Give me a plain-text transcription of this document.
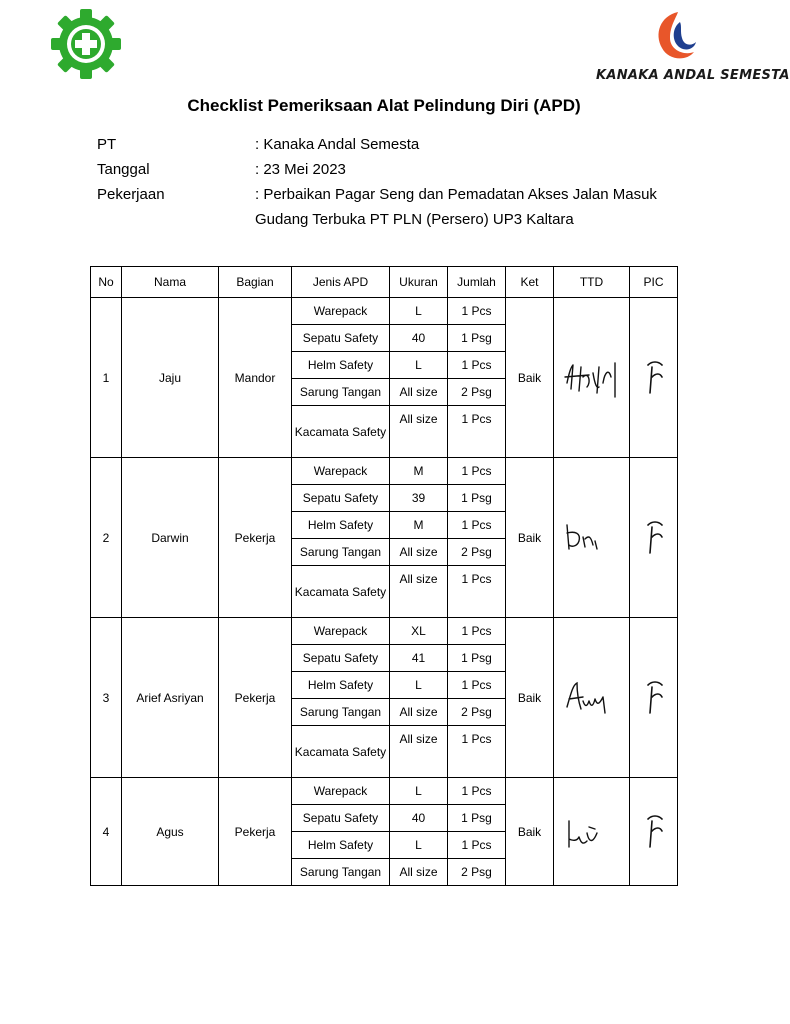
KANAKA ANDAL SEMESTA
Checklist Pemeriksaan Alat Pelindung Diri (APD)
PT	: Kanaka Andal Semesta
Tanggal	: 23 Mei 2023
Pekerjaan	: Perbaikan Pagar Seng dan Pemadatan Akses Jalan Masuk
Gudang Terbuka PT PLN (Persero) UP3 Kaltara
No	Nama	Bagian	Jenis APD	Ukuran	Jumlah	Ket	TTD	PIC
1	Jaju	Mandor	Warepack	L	1 Pcs	Baik	

			Sepatu Safety	40	1 Psg			
			Helm Safety	L	1 Pcs			
			Sarung Tangan	All size	2 Psg			
			Kacamata Safety	All size	1 Pcs			
2	Darwin	Pekerja	Warepack	M	1 Pcs	Baik	

			Sepatu Safety	39	1 Psg			
			Helm Safety	M	1 Pcs			
			Sarung Tangan	All size	2 Psg			
			Kacamata Safety	All size	1 Pcs			
3	Arief Asriyan	Pekerja	Warepack	XL	1 Pcs	Baik	

			Sepatu Safety	41	1 Psg			
			Helm Safety	L	1 Pcs			
			Sarung Tangan	All size	2 Psg			
			Kacamata Safety	All size	1 Pcs			
4	Agus	Pekerja	Warepack	L	1 Pcs	Baik	

			Sepatu Safety	40	1 Psg			
			Helm Safety	L	1 Pcs			
			Sarung Tangan	All size	2 Psg			
